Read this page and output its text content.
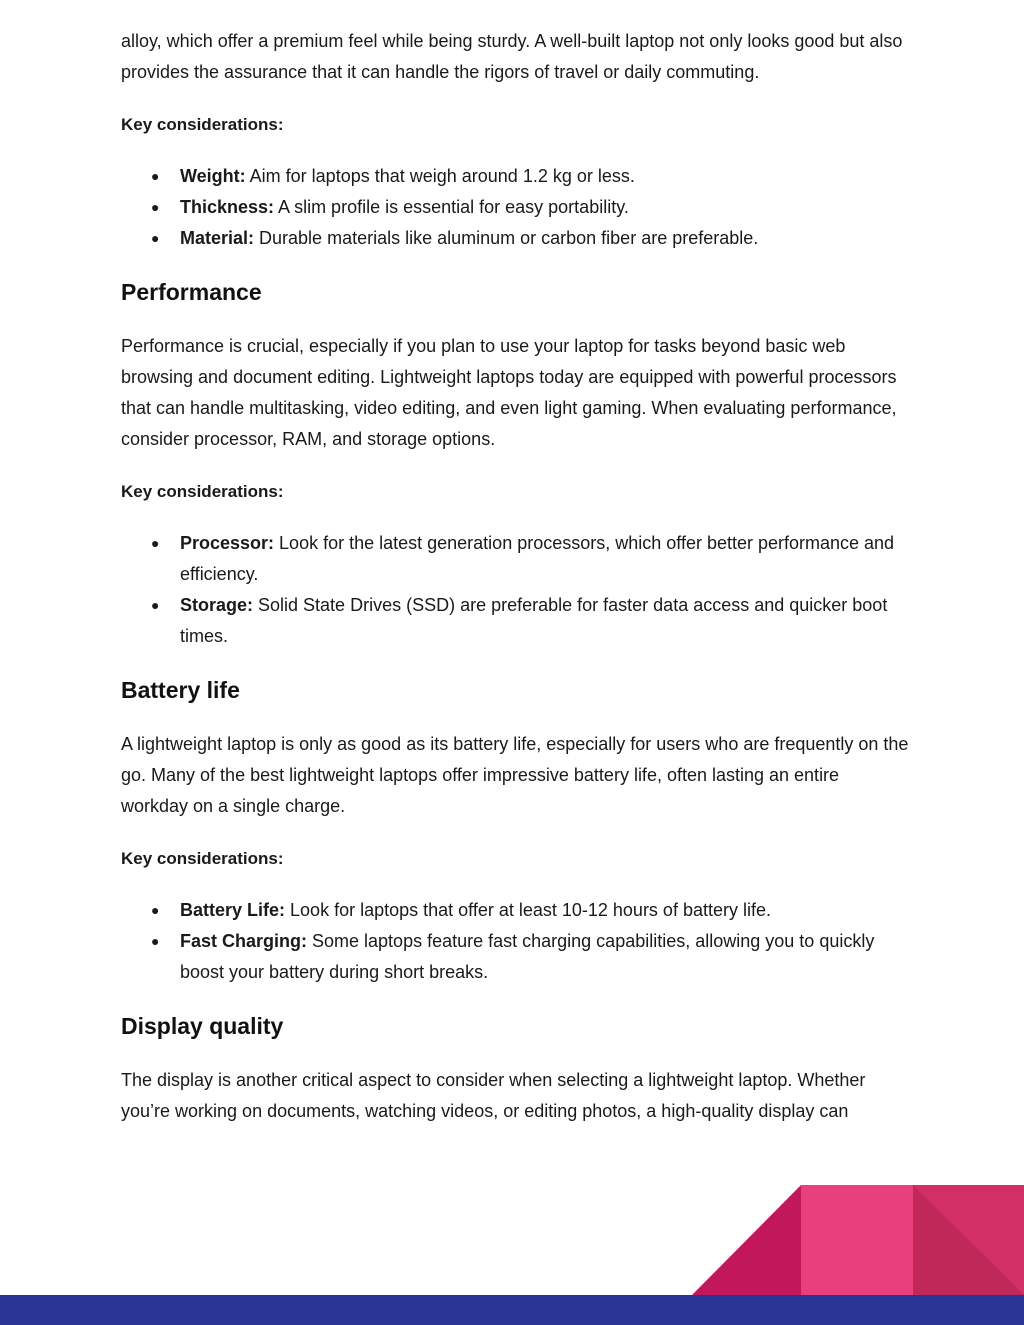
alloy, which offer a premium feel while being sturdy. A well-built laptop not only looks good but also provides the assurance that it can handle the rigors of travel or daily commuting.

Key considerations:

● Weight: Aim for laptops that weigh around 1.2 kg or less.
● Thickness: A slim profile is essential for easy portability.
● Material: Durable materials like aluminum or carbon fiber are preferable.
Performance

Performance is crucial, especially if you plan to use your laptop for tasks beyond basic web browsing and document editing. Lightweight laptops today are equipped with powerful processors that can handle multitasking, video editing, and even light gaming. When evaluating performance, consider processor, RAM, and storage options.

Key considerations:

● Processor: Look for the latest generation processors, which offer better performance and efficiency.
● Storage: Solid State Drives (SSD) are preferable for faster data access and quicker boot times.
Battery life

A lightweight laptop is only as good as its battery life, especially for users who are frequently on the go. Many of the best lightweight laptops offer impressive battery life, often lasting an entire workday on a single charge.

Key considerations:

● Battery Life: Look for laptops that offer at least 10-12 hours of battery life.
● Fast Charging: Some laptops feature fast charging capabilities, allowing you to quickly boost your battery during short breaks.
Display quality

The display is another critical aspect to consider when selecting a lightweight laptop. Whether you’re working on documents, watching videos, or editing photos, a high-quality display can
